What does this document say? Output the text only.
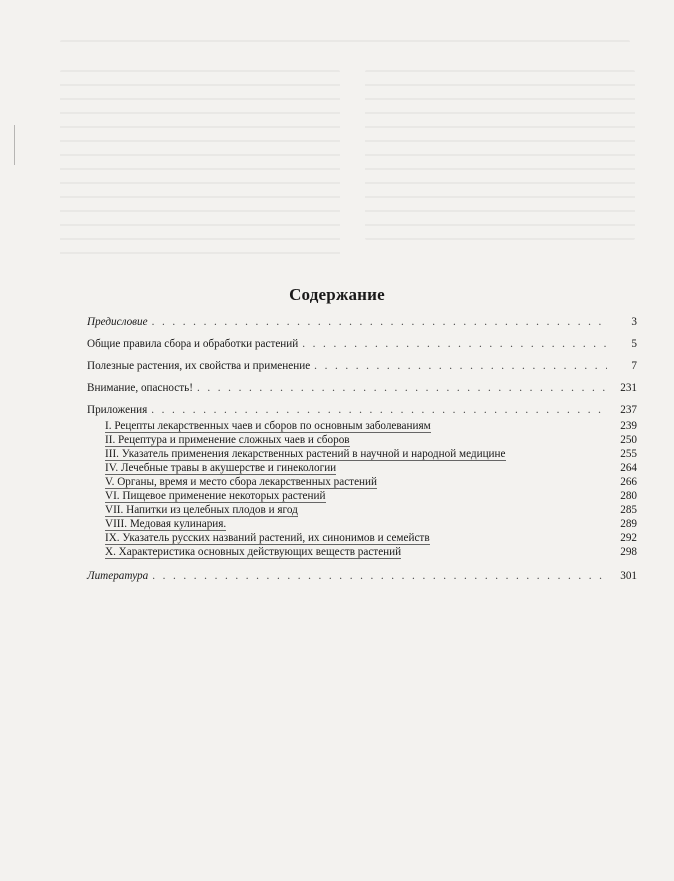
Содержание
Предисловие . . .	3
Общие правила сбора и обработки растений . . .	5
Полезные растения, их свойства и применение . . .	7
Внимание, опасность! . . .	231
Приложения . . .	237
I. Рецепты лекарственных чаев и сборов по основным заболеваниям	239
II. Рецептура и применение сложных чаев и сборов	250
III. Указатель применения лекарственных растений в научной и народной медицине	255
IV. Лечебные травы в акушерстве и гинекологии	264
V. Органы, время и место сбора лекарственных растений	266
VI. Пищевое применение некоторых растений	280
VII. Напитки из целебных плодов и ягод	285
VIII. Медовая кулинария.	289
IX. Указатель русских названий растений, их синонимов и семейств	292
X. Характеристика основных действующих веществ растений	298
Литература . . .	301
